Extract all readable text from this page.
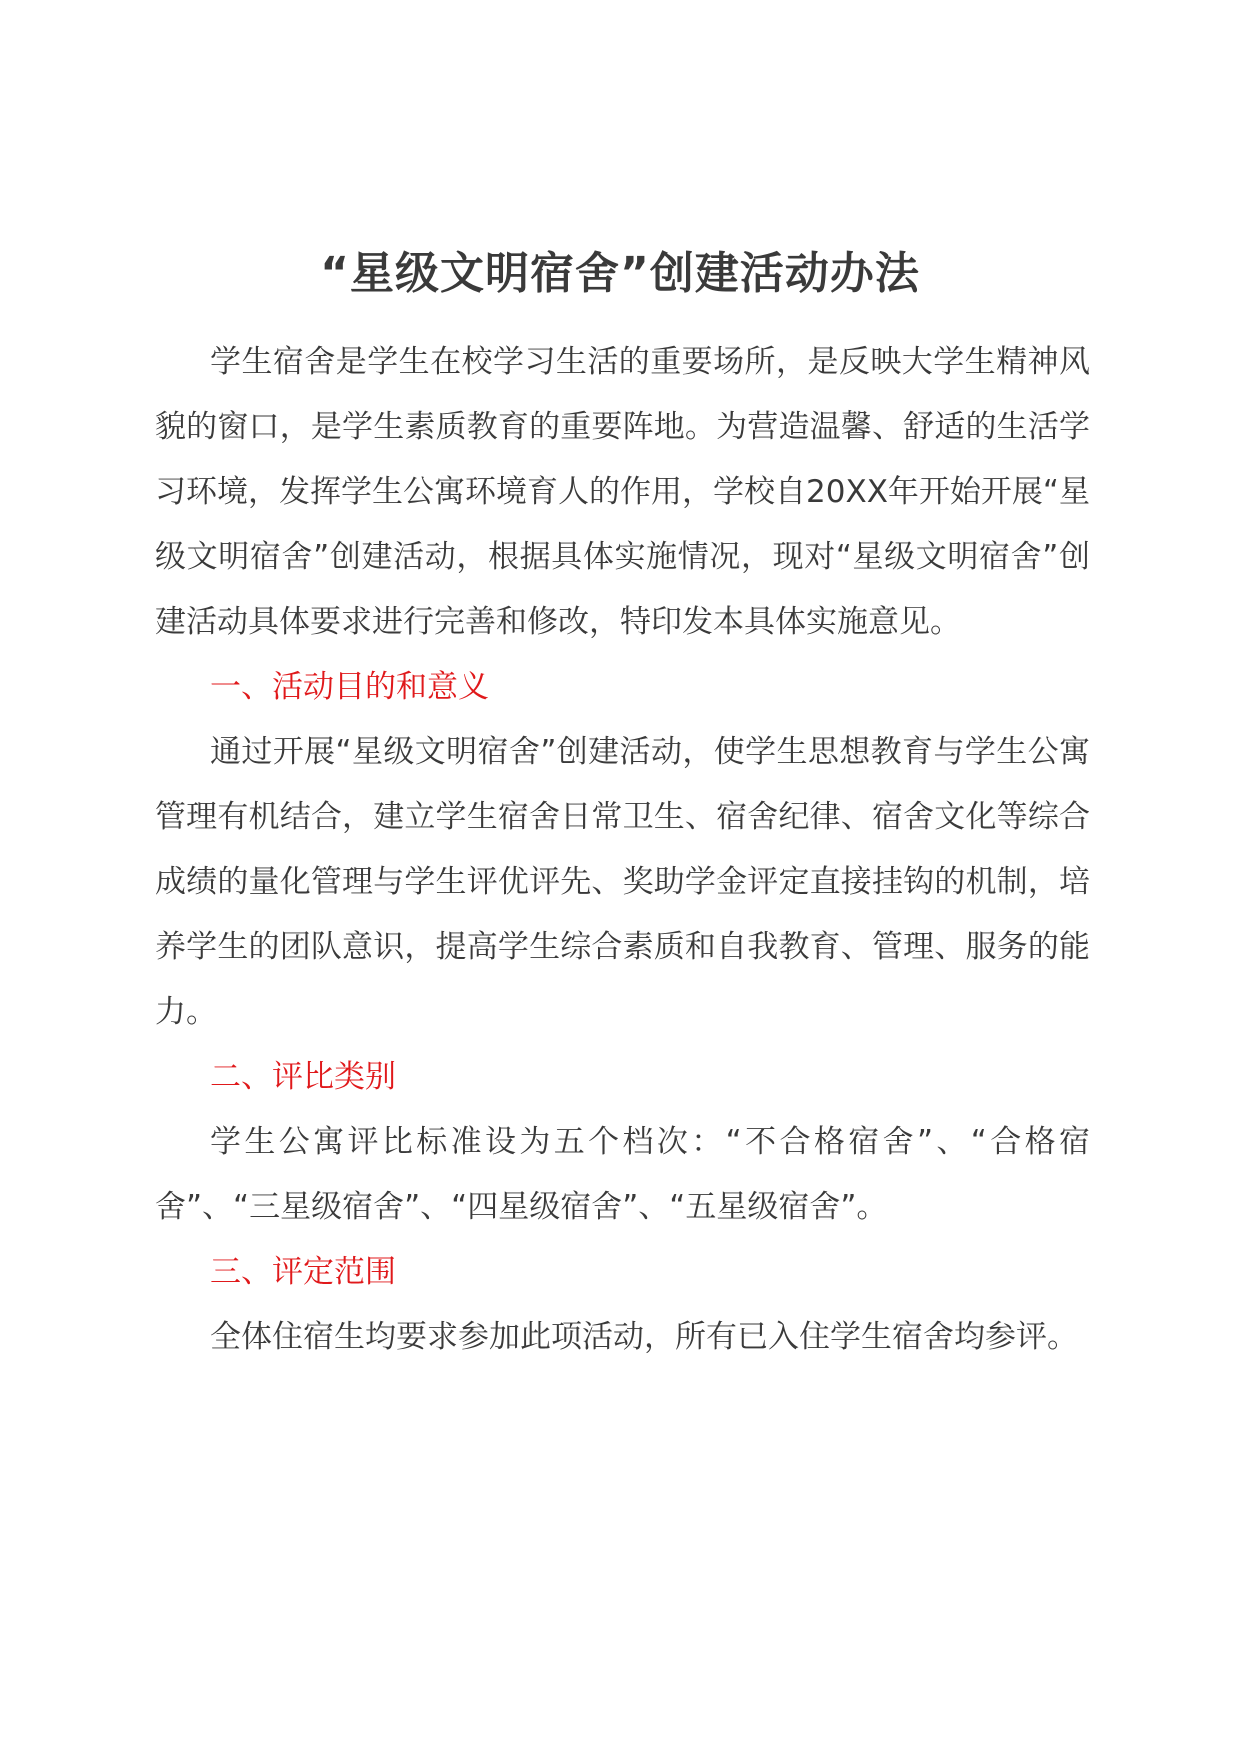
“星级文明宿舍”创建活动办法

学生宿舍是学生在校学习生活的重要场所，是反映大学生精神风貌的窗口，是学生素质教育的重要阵地。为营造温馨、舒适的生活学习环境，发挥学生公寓环境育人的作用，学校自20XX年开始开展“星级文明宿舍”创建活动，根据具体实施情况，现对“星级文明宿舍”创建活动具体要求进行完善和修改，特印发本具体实施意见。

一、活动目的和意义

通过开展“星级文明宿舍”创建活动，使学生思想教育与学生公寓管理有机结合，建立学生宿舍日常卫生、宿舍纪律、宿舍文化等综合成绩的量化管理与学生评优评先、奖助学金评定直接挂钩的机制，培养学生的团队意识，提高学生综合素质和自我教育、管理、服务的能力。

二、评比类别

学生公寓评比标准设为五个档次：“不合格宿舍”、“合格宿舍”、“三星级宿舍”、“四星级宿舍”、“五星级宿舍”。

三、评定范围

全体住宿生均要求参加此项活动，所有已入住学生宿舍均参评。
